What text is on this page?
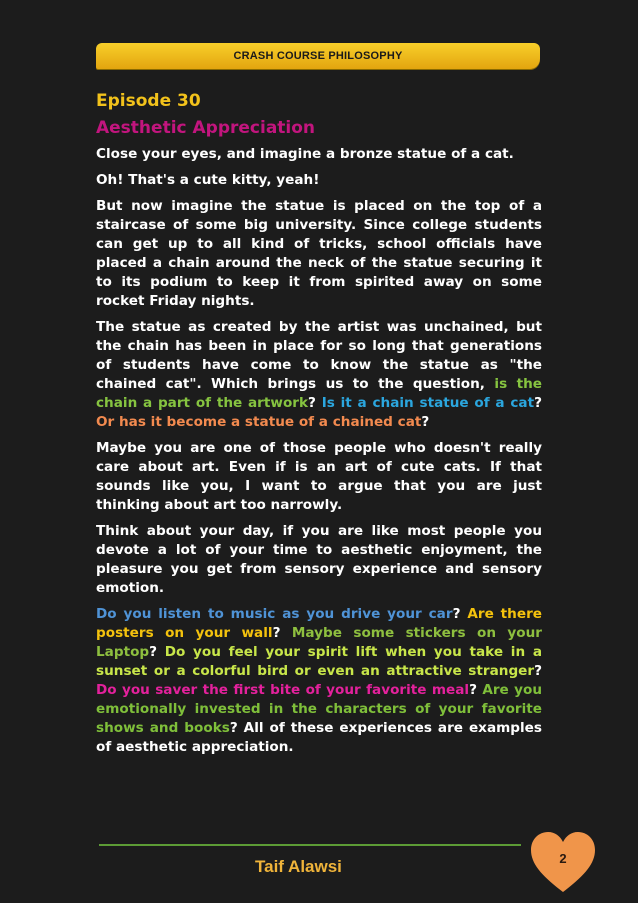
CRASH COURSE PHILOSOPHY
Episode 30
Aesthetic Appreciation

Close your eyes, and imagine a bronze statue of a cat.

Oh! That's a cute kitty, yeah!

But now imagine the statue is placed on the top of a staircase of some big university. Since college students can get up to all kind of tricks, school officials have placed a chain around the neck of the statue securing it to its podium to keep it from spirited away on some rocket Friday nights.

The statue as created by the artist was unchained, but the chain has been in place for so long that generations of students have come to know the statue as "the chained cat". Which brings us to the question, is the chain a part of the artwork? Is it a chain statue of a cat? Or has it become a statue of a chained cat?

Maybe you are one of those people who doesn't really care about art. Even if is an art of cute cats. If that sounds like you, I want to argue that you are just thinking about art too narrowly.

Think about your day, if you are like most people you devote a lot of your time to aesthetic enjoyment, the pleasure you get from sensory experience and sensory emotion.

Do you listen to music as you drive your car? Are there posters on your wall? Maybe some stickers on your Laptop? Do you feel your spirit lift when you take in a sunset or a colorful bird or even an attractive stranger? Do you saver the first bite of your favorite meal? Are you emotionally invested in the characters of your favorite shows and books? All of these experiences are examples of aesthetic appreciation.

Taif Alawsi	2
